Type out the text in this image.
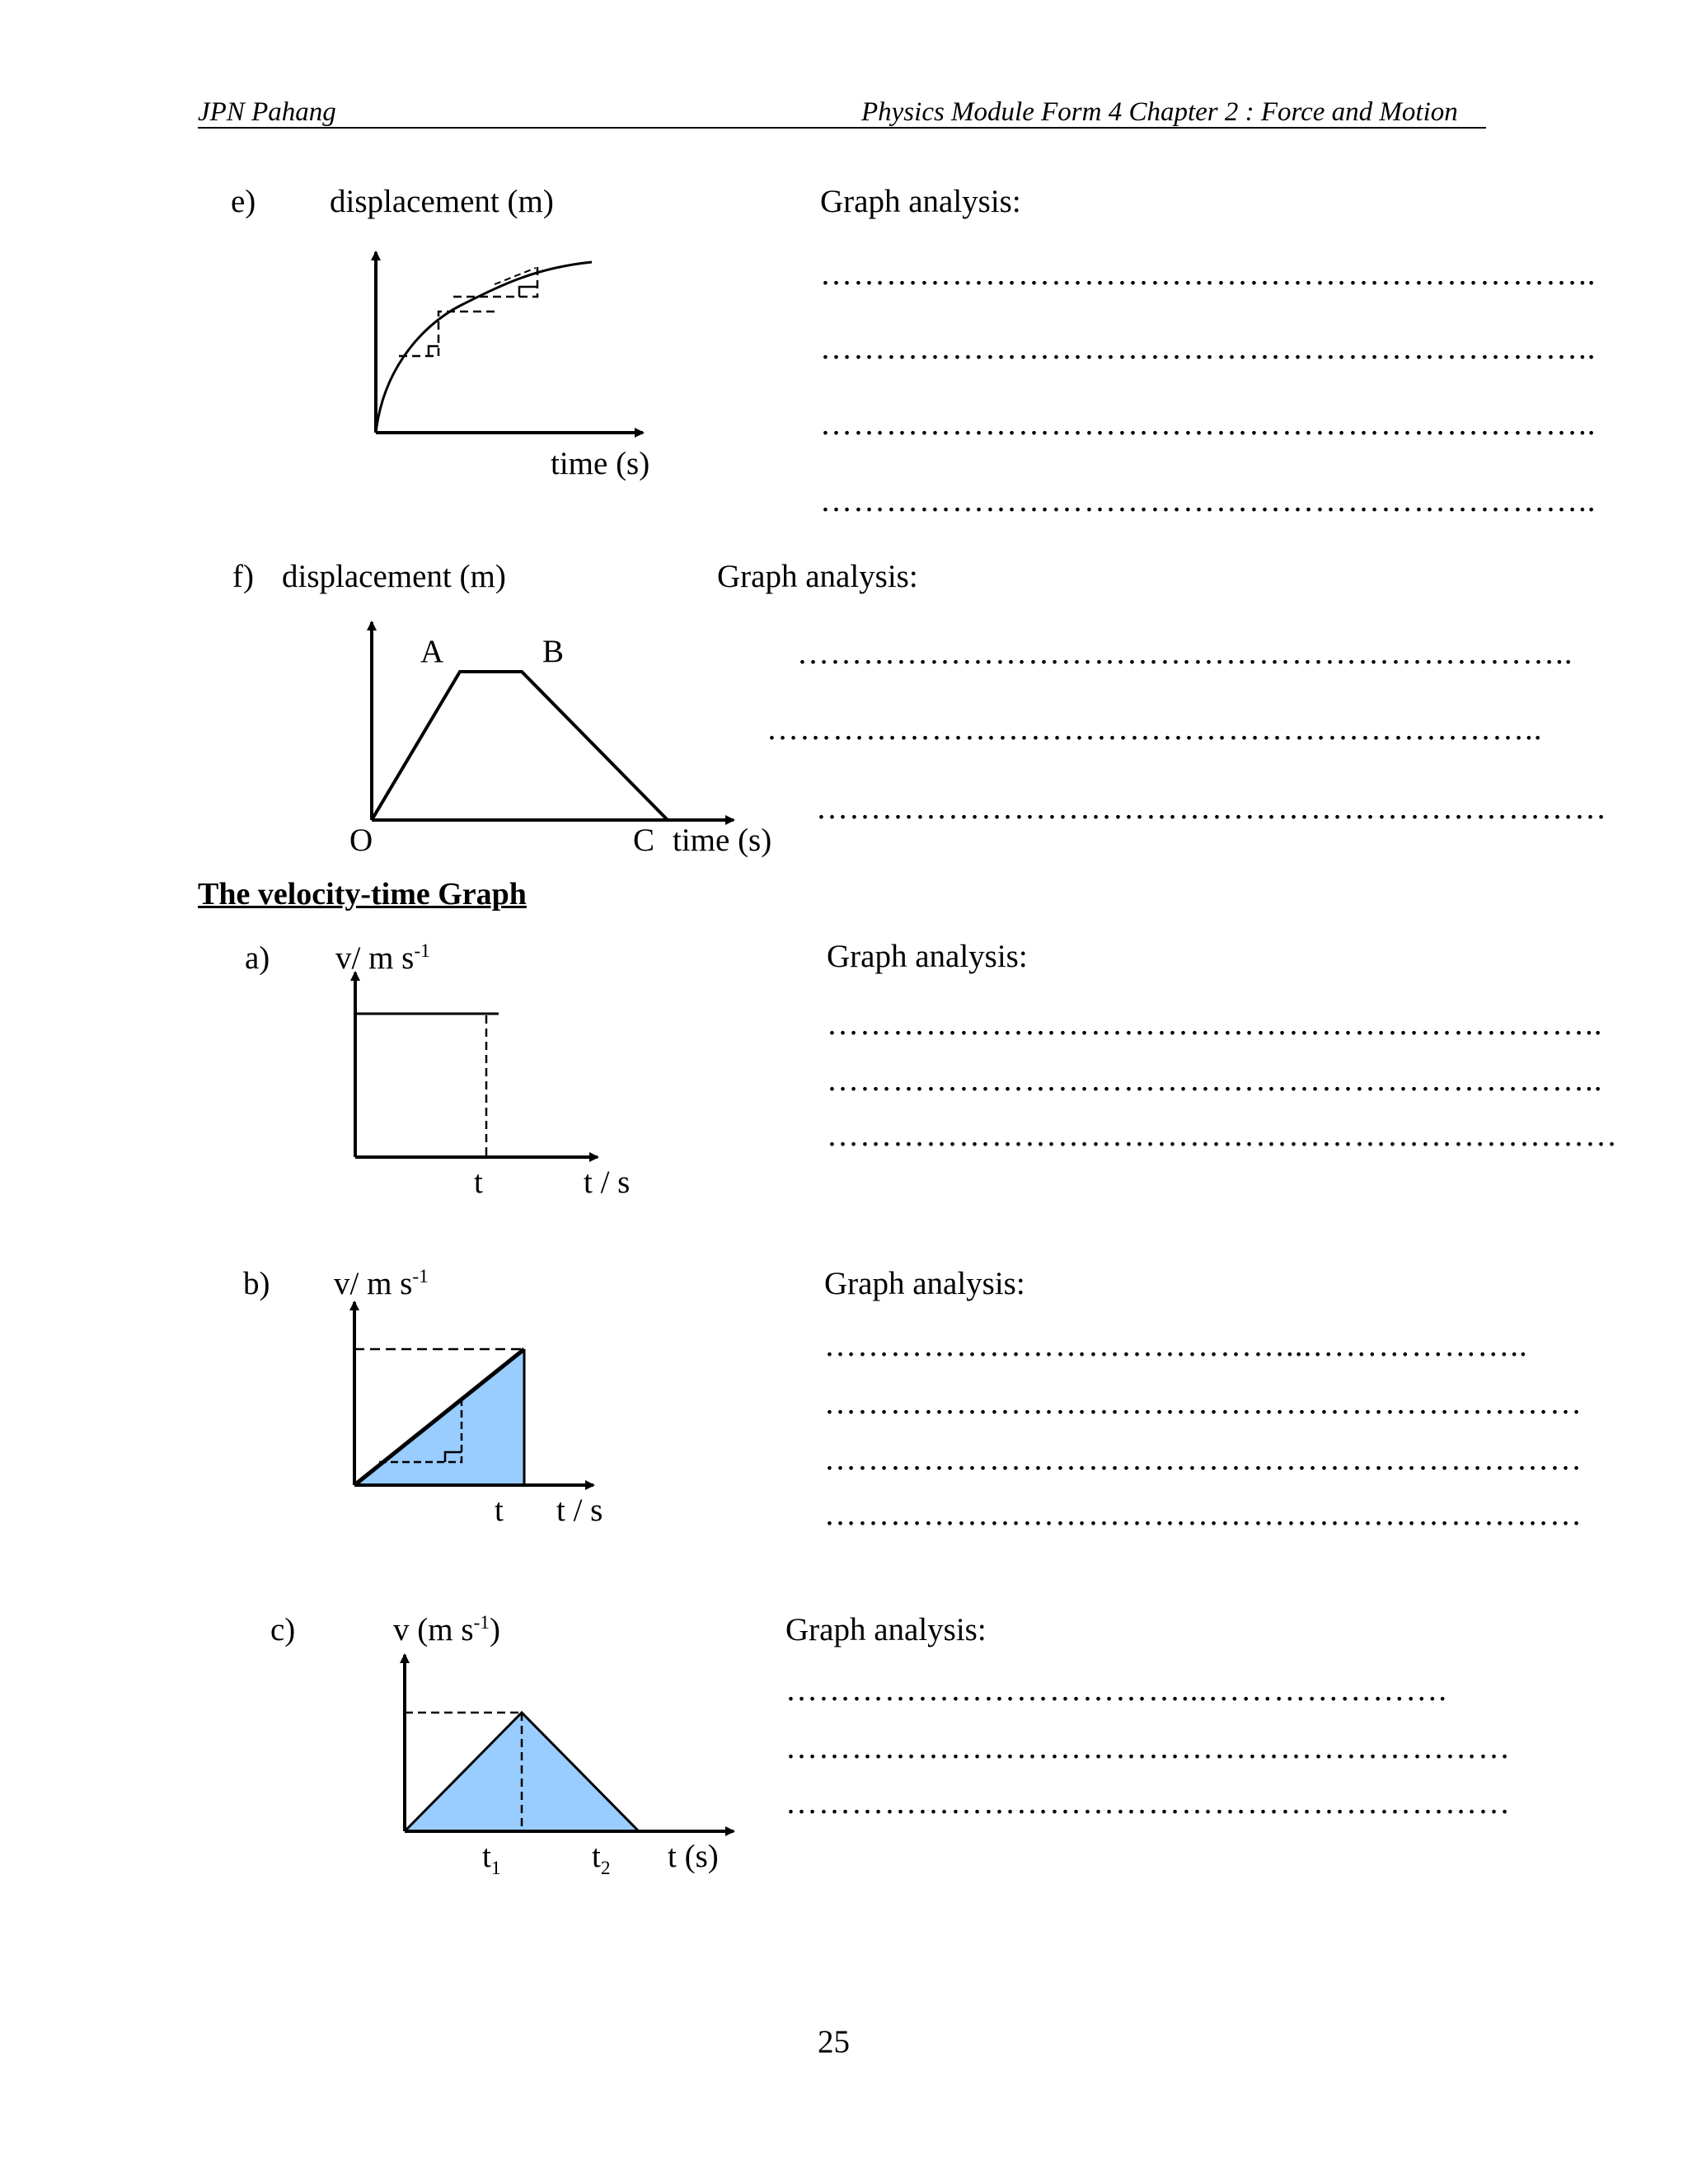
JPN Pahang	Physics Module Form 4 Chapter 2 : Force and Motion
e) displacement (m)
time (s)
Graph analysis:
……………………………………………………………..
……………………………………………………………..
……………………………………………………………..
……………………………………………………………..
f) displacement (m)
A	B
O	C time (s)
Graph analysis:
……………………………………………………………..
……………………………………………………………..
………………………………………………………………
The velocity-time Graph
a) v/ m $s^{-1}$
t	t / s
Graph analysis:
……………………………………………………………..
……………………………………………………………..
………………………………………………………………
b) v/ m $s^{-1}$
t t / s
Graph analysis:
……………………………………...………………..
……………………………………………………………
……………………………………………………………
……………………………………………………………
c)	v (m $s^{-1}$)
$t_1$	$t_2$ t (s)
Graph analysis:
………………………………...………………….
…………………………………………………………
…………………………………………………………
25
